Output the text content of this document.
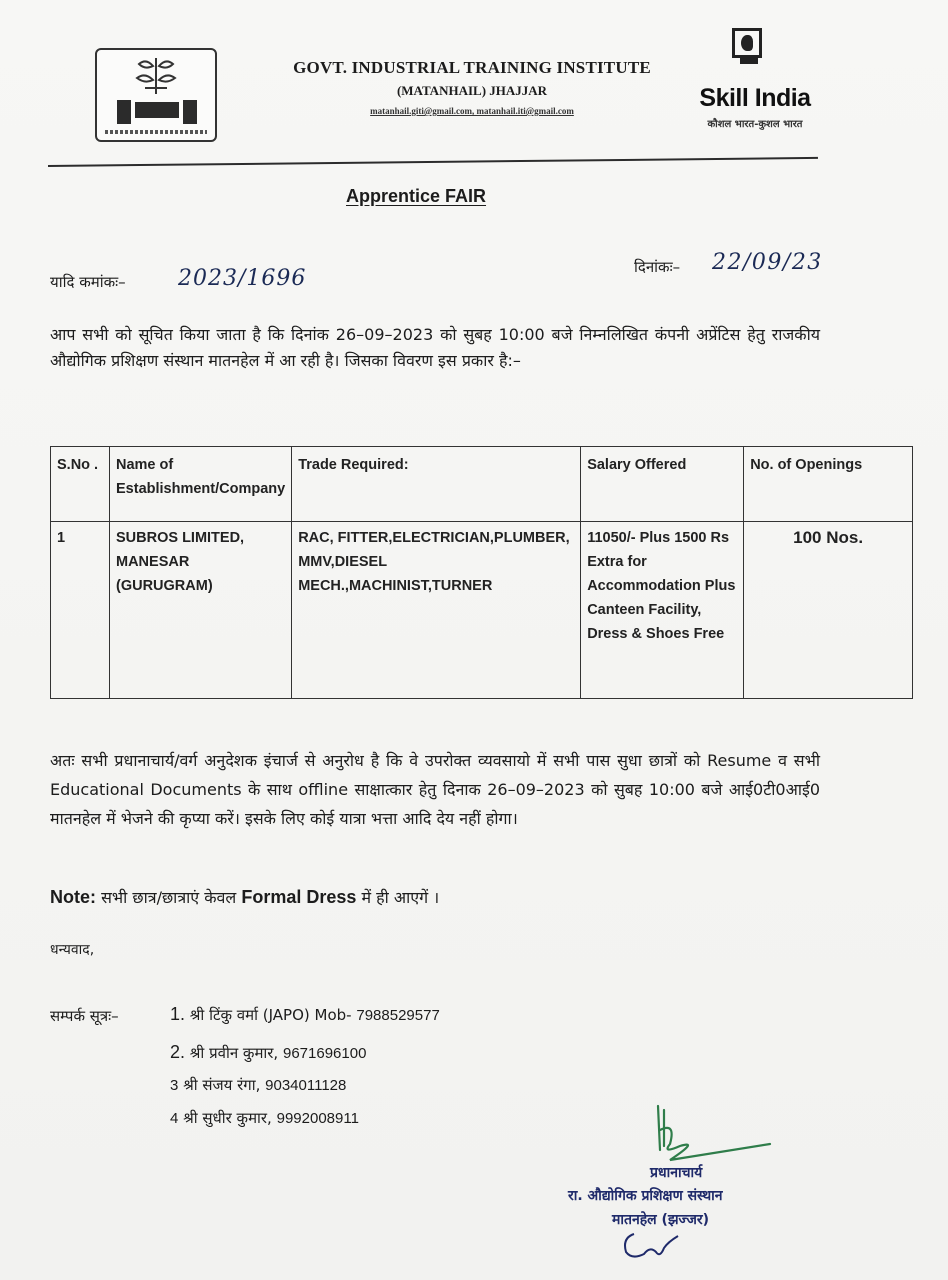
GOVT. INDUSTRIAL TRAINING INSTITUTE
(MATANHAIL) JHAJJAR
matanhail.giti@gmail.com, matanhail.iti@gmail.com	Skill India
कौशल भारत-कुशल भारत
Apprentice FAIR
यादि कमांकः– 2023/1696	दिनांकः– 22/09/23
आप सभी को सूचित किया जाता है कि दिनांक 26–09–2023 को सुबह 10:00 बजे निम्नलिखित कंपनी अप्रेंटिस हेतु राजकीय औद्योगिक प्रशिक्षण संस्थान मातनहेल में आ रही है। जिसका विवरण इस प्रकार है:–
S.No .	Name of Establishment/Company	Trade Required:	Salary Offered	No. of Openings
1	SUBROS LIMITED, MANESAR (GURUGRAM)	RAC, FITTER,ELECTRICIAN,PLUMBER, MMV,DIESEL MECH.,MACHINIST,TURNER	11050/- Plus 1500 Rs Extra for Accommodation Plus Canteen Facility, Dress & Shoes Free	100 Nos.
अतः सभी प्रधानाचार्य/वर्ग अनुदेशक इंचार्ज से अनुरोध है कि वे उपरोक्त व्यवसायो में सभी पास सुधा छात्रों को Resume व सभी Educational Documents के साथ offline साक्षात्कार हेतु दिनाक 26–09–2023 को सुबह 10:00 बजे आई0टी0आई0 मातनहेल में भेजने की कृप्या करें। इसके लिए कोई यात्रा भत्ता आदि देय नहीं होगा।
Note: सभी छात्र/छात्राएं केवल Formal Dress में ही आएगें ।
धन्यवाद,
सम्पर्क सूत्रः–	1. श्री टिंकु वर्मा (JAPO) Mob- 7988529577
2. श्री प्रवीन कुमार, 9671696100
3 श्री संजय रंगा, 9034011128
4 श्री सुधीर कुमार, 9992008911
प्रधानाचार्य
रा. औद्योगिक प्रशिक्षण संस्थान
मातनहेल (झज्जर)
